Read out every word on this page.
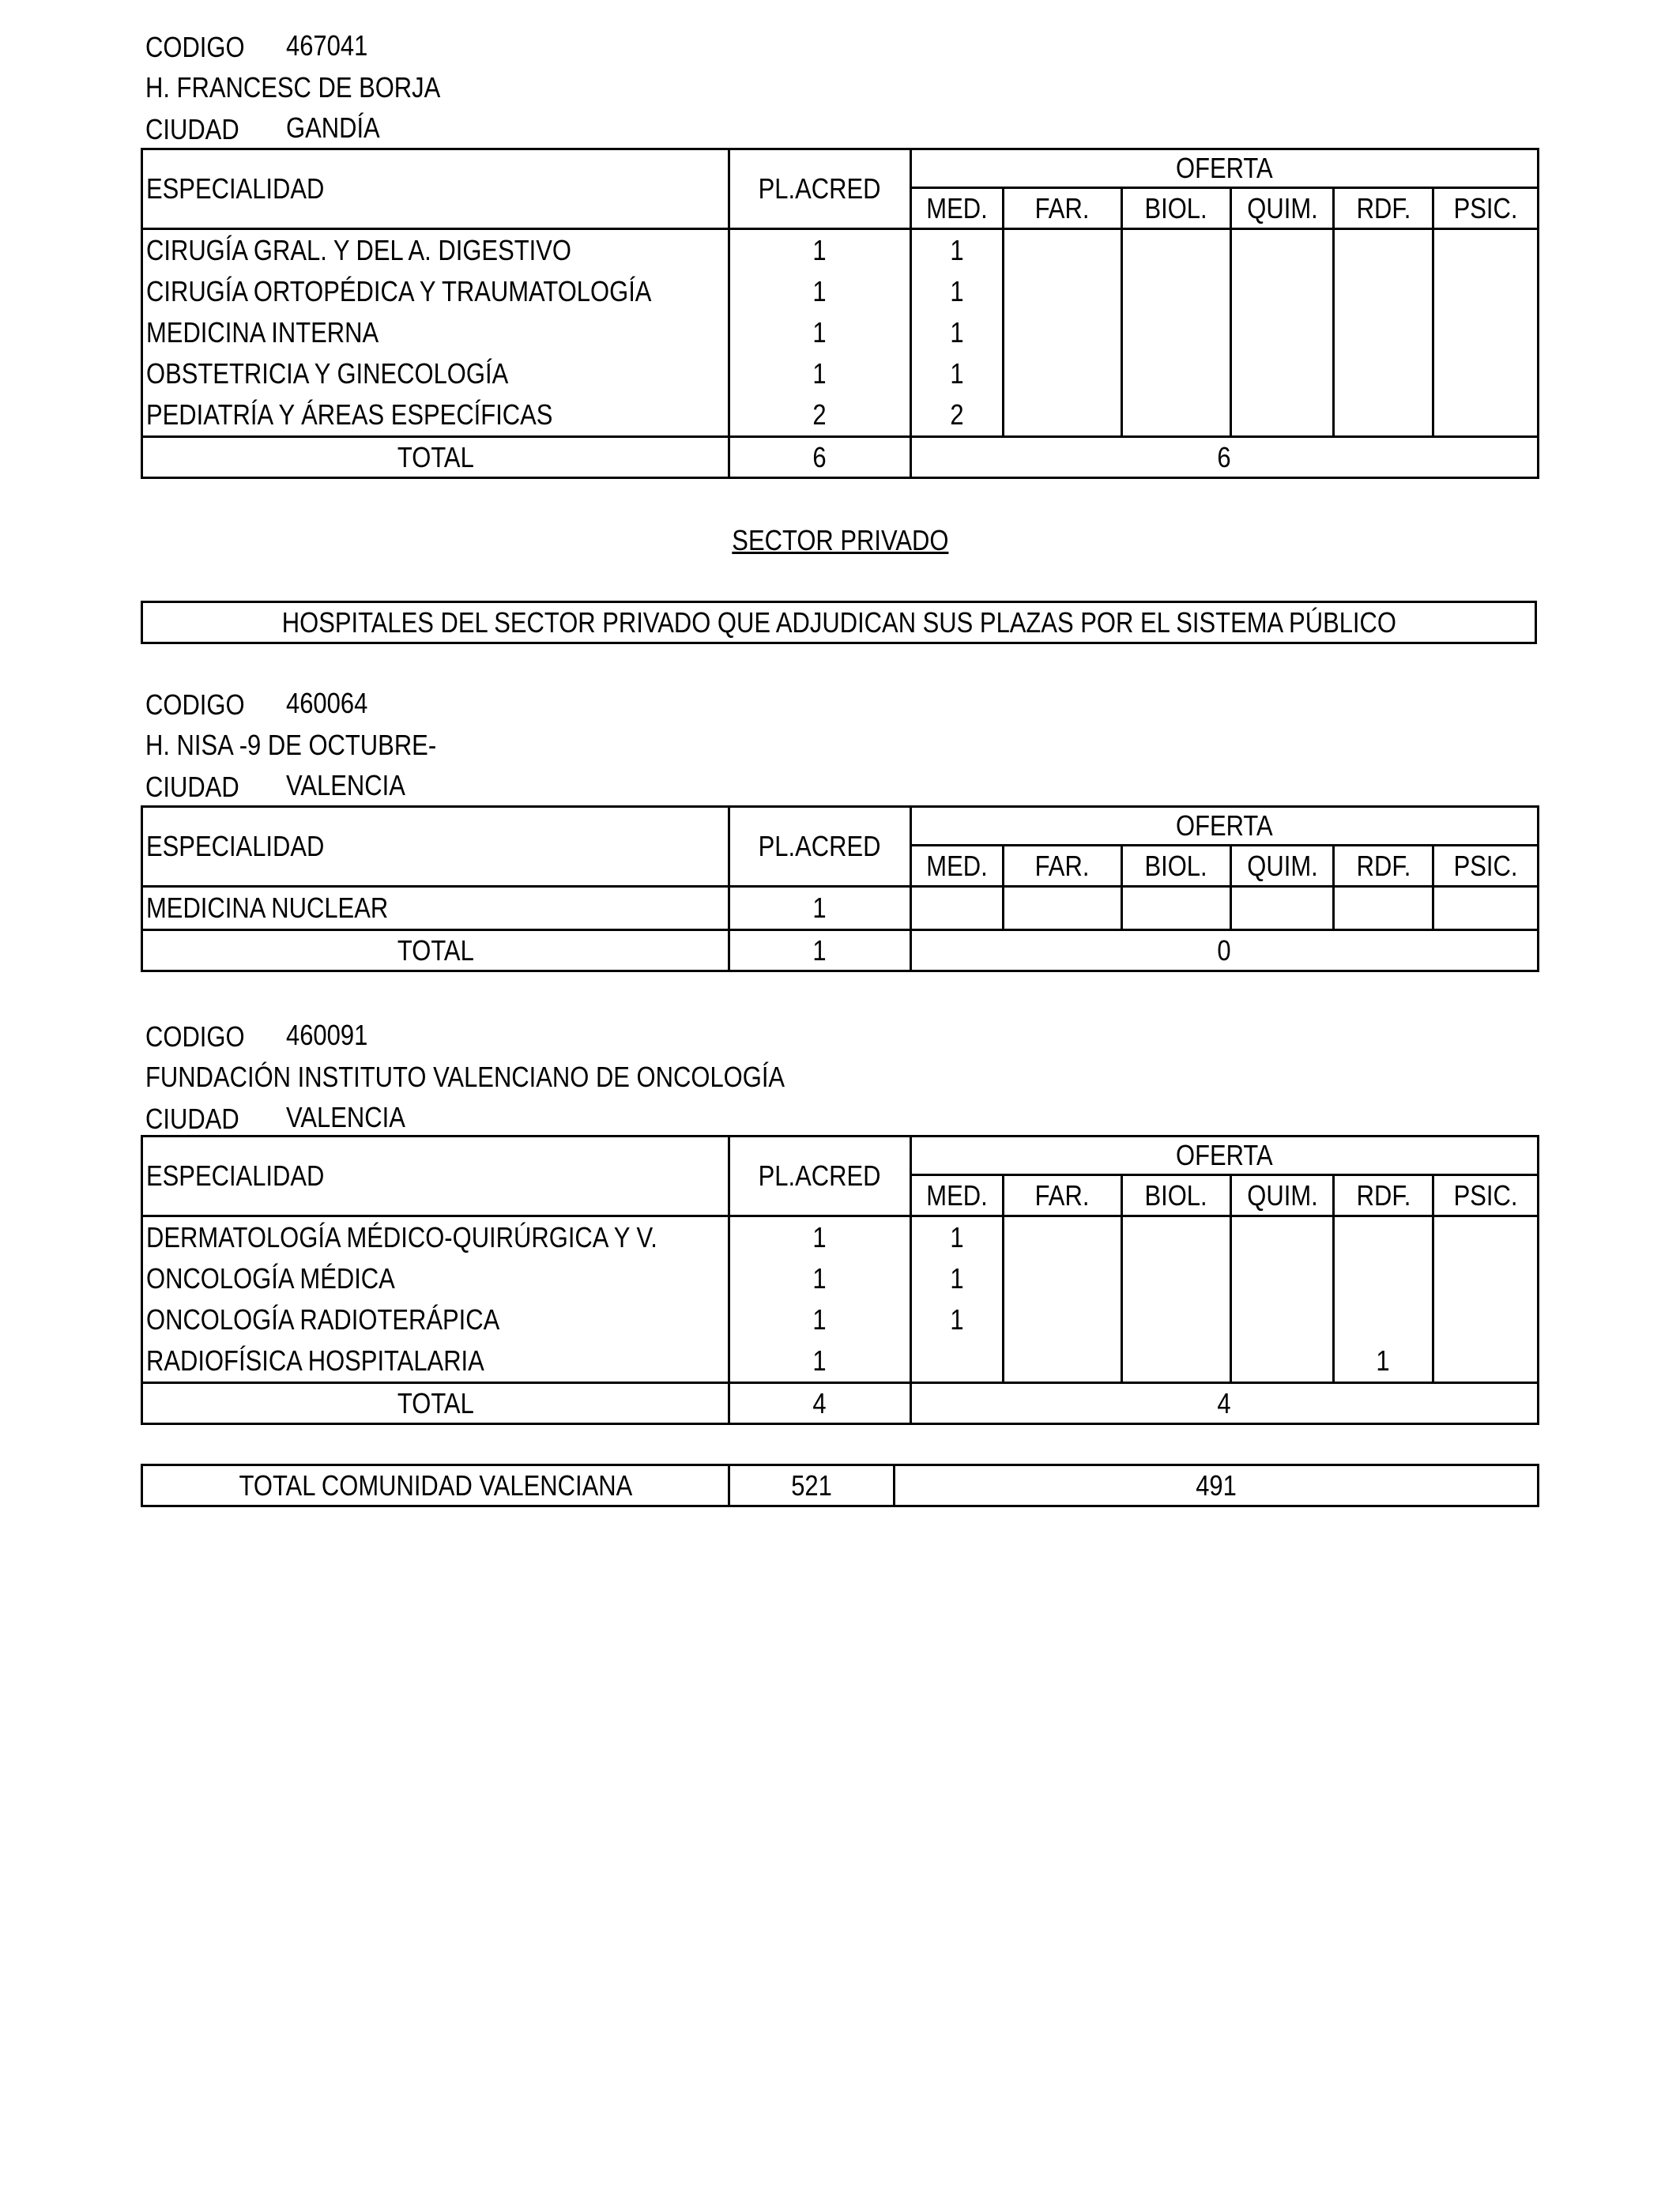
CODIGO	467041
H. FRANCESC DE BORJA
CIUDAD	GANDÍA
ESPECIALIDAD	PL.ACRED	OFERTA					
		MED.	FAR.	BIOL.	QUIM.	RDF.	PSIC.
CIRUGÍA GRAL. Y DEL A. DIGESTIVO	1	1					
CIRUGÍA ORTOPÉDICA Y TRAUMATOLOGÍA	1	1					
MEDICINA INTERNA	1	1					
OBSTETRICIA Y GINECOLOGÍA	1	1					
PEDIATRÍA Y ÁREAS ESPECÍFICAS	2	2					
TOTAL	6	6					
SECTOR PRIVADO
HOSPITALES DEL SECTOR PRIVADO QUE ADJUDICAN SUS PLAZAS POR EL SISTEMA PÚBLICO
CODIGO	460064
H. NISA -9 DE OCTUBRE-
CIUDAD	VALENCIA
ESPECIALIDAD	PL.ACRED	OFERTA					
		MED.	FAR.	BIOL.	QUIM.	RDF.	PSIC.
MEDICINA NUCLEAR	1						
TOTAL	1	0					
CODIGO	460091
FUNDACIÓN INSTITUTO VALENCIANO DE ONCOLOGÍA
CIUDAD	VALENCIA
ESPECIALIDAD	PL.ACRED	OFERTA					
		MED.	FAR.	BIOL.	QUIM.	RDF.	PSIC.
DERMATOLOGÍA MÉDICO-QUIRÚRGICA Y V.	1	1					
ONCOLOGÍA MÉDICA	1	1					
ONCOLOGÍA RADIOTERÁPICA	1	1					
RADIOFÍSICA HOSPITALARIA	1					1	
TOTAL	4	4					
TOTAL COMUNIDAD VALENCIANA	521	491
